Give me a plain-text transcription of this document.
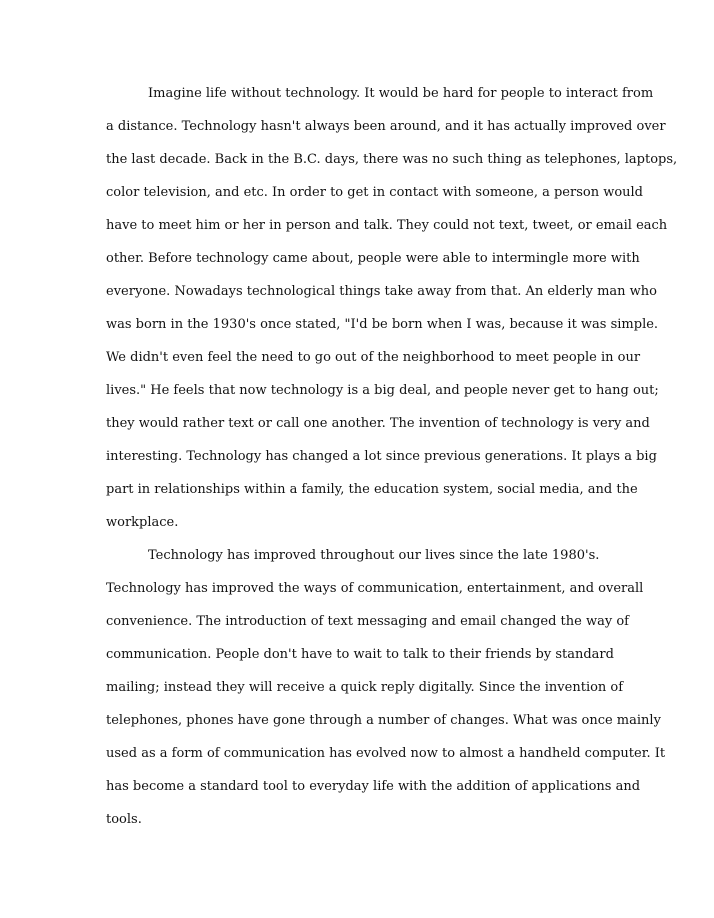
Imagine life without technology. It would be hard for people to interact from
a distance. Technology hasn't always been around, and it has actually improved over
the last decade. Back in the B.C. days, there was no such thing as telephones, laptops,
color television, and etc. In order to get in contact with someone, a person would
have to meet him or her in person and talk. They could not text, tweet, or email each
other. Before technology came about, people were able to intermingle more with
everyone. Nowadays technological things take away from that. An elderly man who
was born in the 1930's once stated, "I'd be born when I was, because it was simple.
We didn't even feel the need to go out of the neighborhood to meet people in our
lives." He feels that now technology is a big deal, and people never get to hang out;
they would rather text or call one another. The invention of technology is very and
interesting. Technology has changed a lot since previous generations. It plays a big
part in relationships within a family, the education system, social media, and the
workplace.
Technology has improved throughout our lives since the late 1980's.
Technology has improved the ways of communication, entertainment, and overall
convenience. The introduction of text messaging and email changed the way of
communication. People don't have to wait to talk to their friends by standard
mailing; instead they will receive a quick reply digitally. Since the invention of
telephones, phones have gone through a number of changes. What was once mainly
used as a form of communication has evolved now to almost a handheld computer. It
has become a standard tool to everyday life with the addition of applications and
tools.
